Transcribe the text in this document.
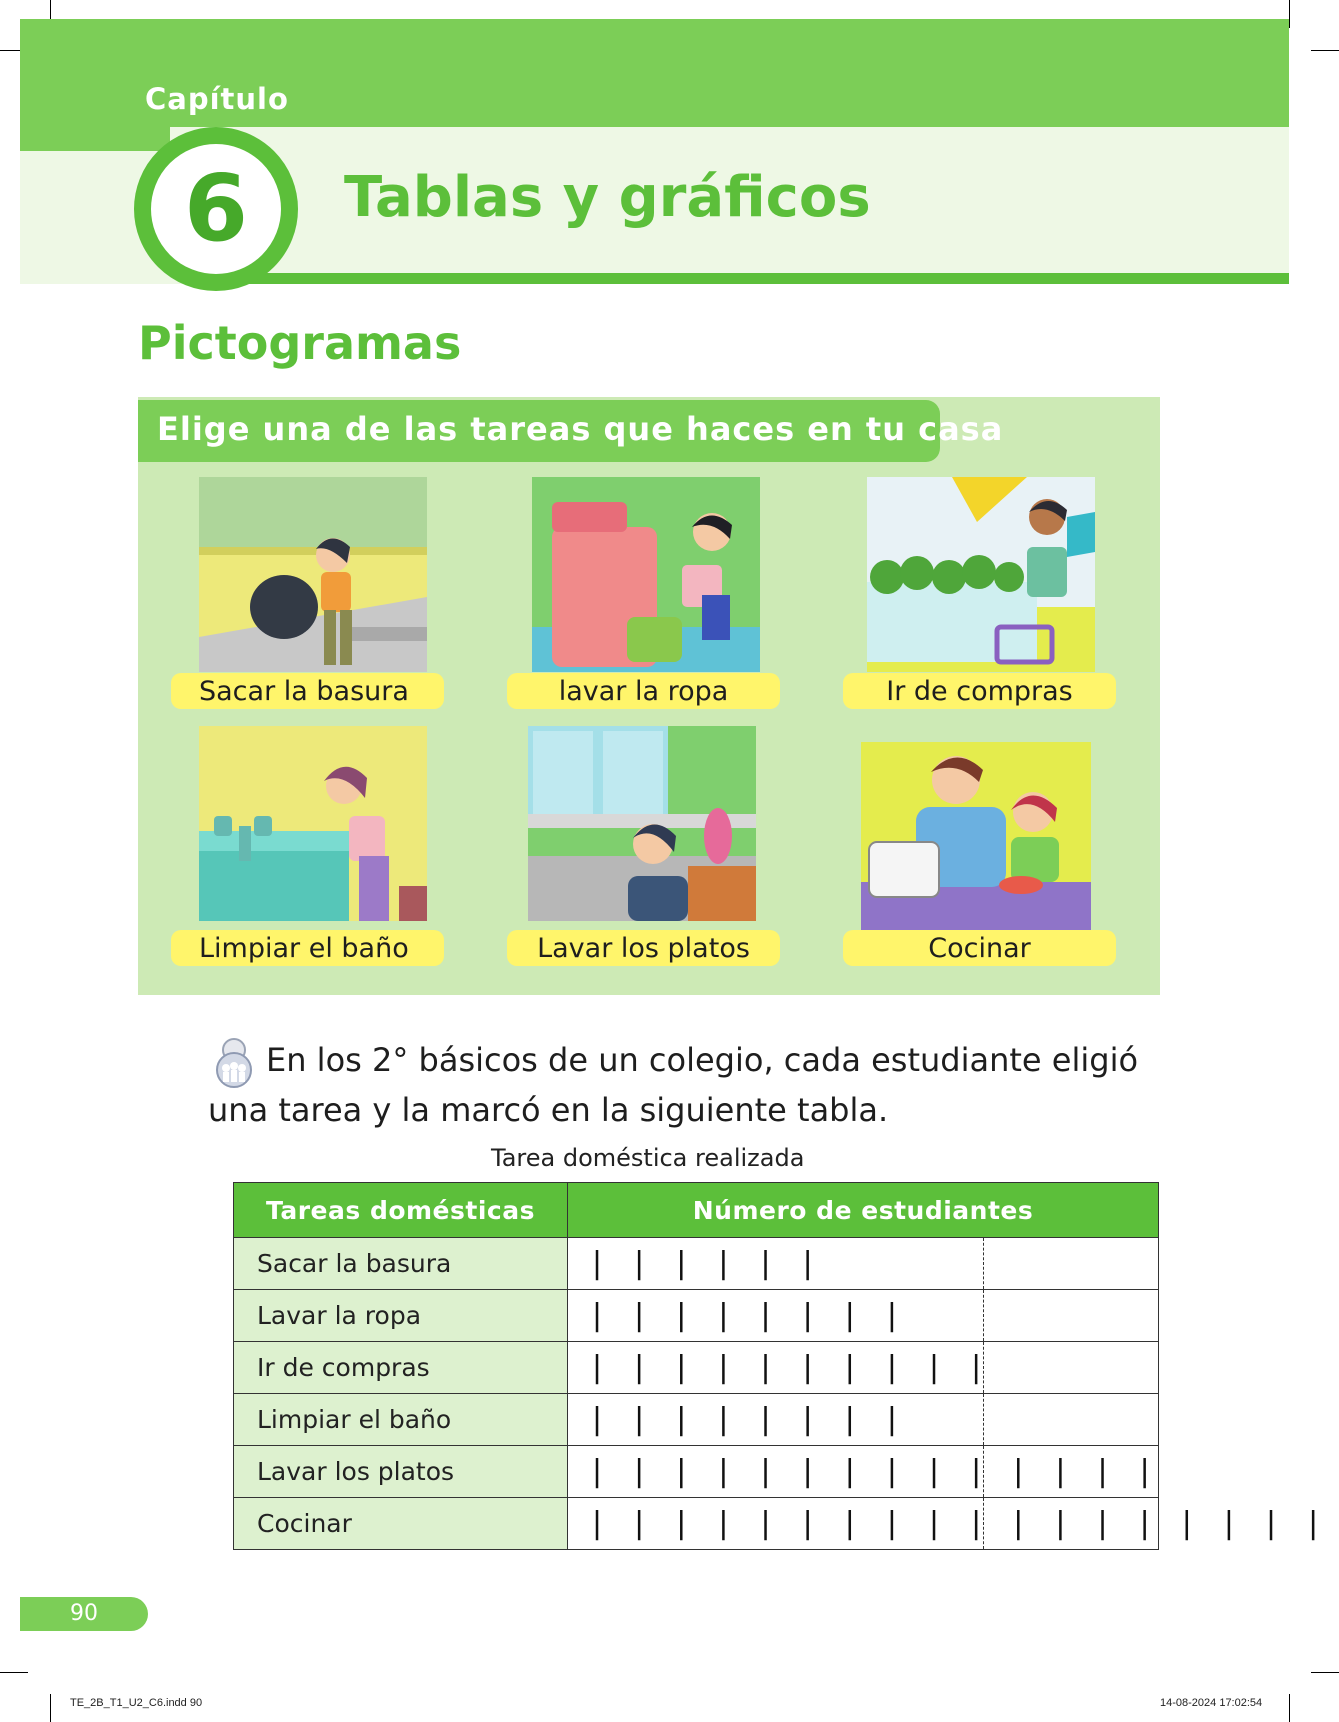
Capítulo
6	Tablas y gráficos
Pictogramas
Elige una de las tareas que haces en tu casa
Sacar la basura	lavar la ropa	Ir de compras
Limpiar el baño	Lavar los platos	Cocinar
En los 2° básicos de un colegio, cada estudiante eligió una tarea y la marcó en la siguiente tabla.
Tarea doméstica realizada
Tareas domésticas	Número de estudiantes
Sacar la basura	| | | | | |

Lavar la ropa	| | | | | | | |

Ir de compras	| | | | | | | | | |

Limpiar el baño	| | | | | | | |

Lavar los platos	| | | | | | | | | | | | | |

Cocinar	| | | | | | | | | | | | | | | | | |
90
TE_2B_T1_U2_C6.indd 90	14-08-2024 17:02:54
